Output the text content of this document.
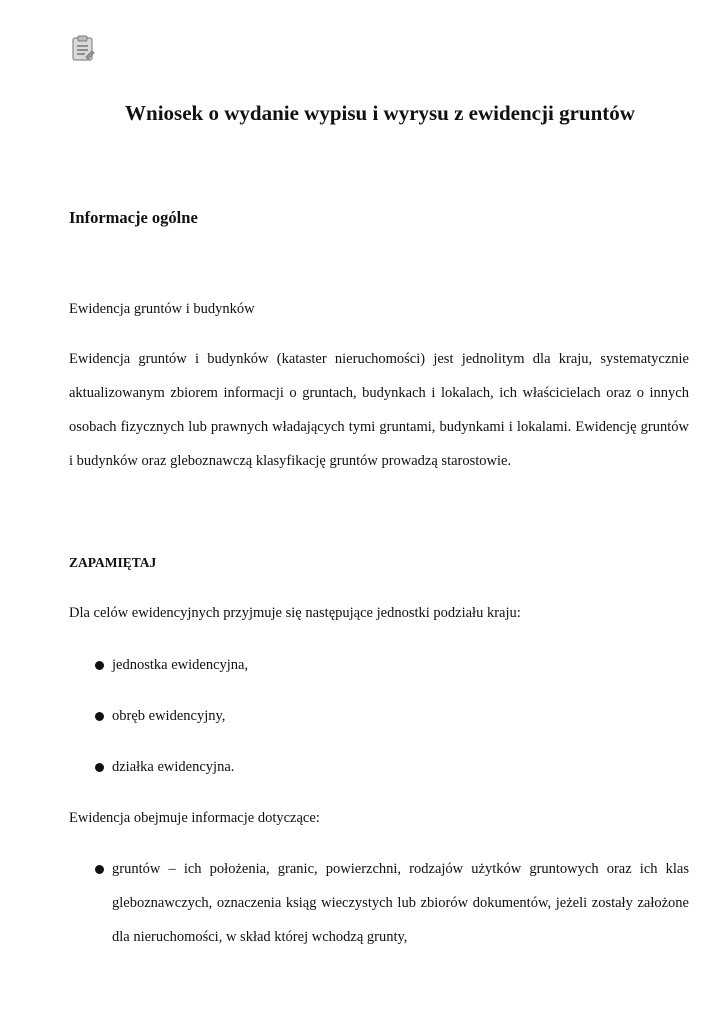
Wniosek o wydanie wypisu i wyrysu z ewidencji gruntów
Informacje ogólne

Ewidencja gruntów i budynków

Ewidencja gruntów i budynków (kataster nieruchomości) jest jednolitym dla kraju, systematycznie aktualizowanym zbiorem informacji o gruntach, budynkach i lokalach, ich właścicielach oraz o innych osobach fizycznych lub prawnych władających tymi gruntami, budynkami i lokalami. Ewidencję gruntów i budynków oraz gleboznawczą klasyfikację gruntów prowadzą starostowie.

ZAPAMIĘTAJ

Dla celów ewidencyjnych przyjmuje się następujące jednostki podziału kraju:

jednostka ewidencyjna,
obręb ewidencyjny,
działka ewidencyjna.

Ewidencja obejmuje informacje dotyczące:

gruntów – ich położenia, granic, powierzchni, rodzajów użytków gruntowych oraz ich klas gleboznawczych, oznaczenia ksiąg wieczystych lub zbiorów dokumentów, jeżeli zostały założone dla nieruchomości, w skład której wchodzą grunty,
